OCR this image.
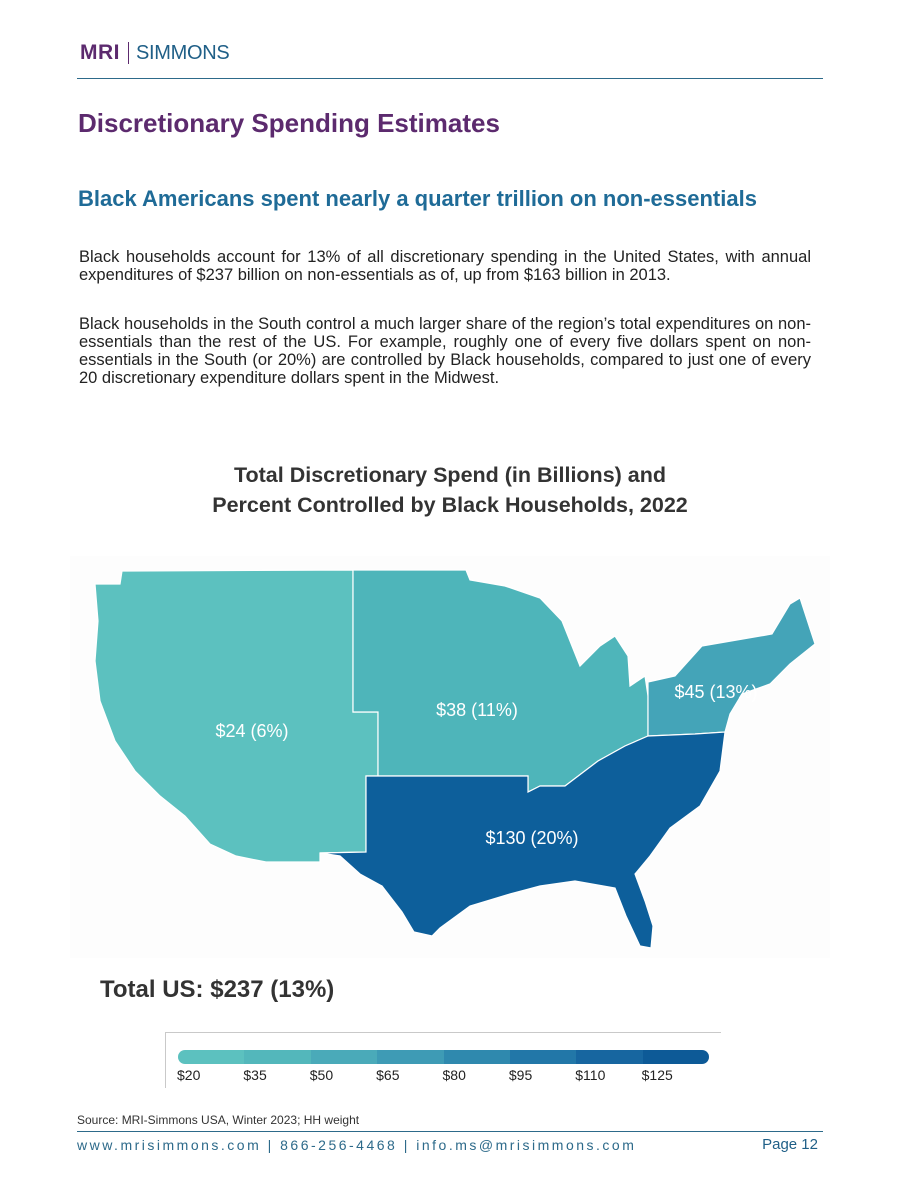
MRI SIMMONS
Discretionary Spending Estimates
Black Americans spent nearly a quarter trillion on non-essentials

Black households account for 13% of all discretionary spending in the United States, with annual expenditures of $237 billion on non-essentials as of, up from $163 billion in 2013.

Black households in the South control a much larger share of the region’s total expenditures on non-essentials than the rest of the US. For example, roughly one of every five dollars spent on non-essentials in the South (or 20%) are controlled by Black households, compared to just one of every 20 discretionary expenditure dollars spent in the Midwest.

Total Discretionary Spend (in Billions) and
Percent Controlled by Black Households, 2022
$24 (6%)
$38 (11%)
$45 (13%)
$130 (20%)
Total US: $237 (13%)
$20	$35	$50	$65	$80	$95	$110	$125
Source: MRI-Simmons USA, Winter 2023; HH weight
www.mrisimmons.com | 866-256-4468 | info.ms@mrisimmons.com	Page 12
